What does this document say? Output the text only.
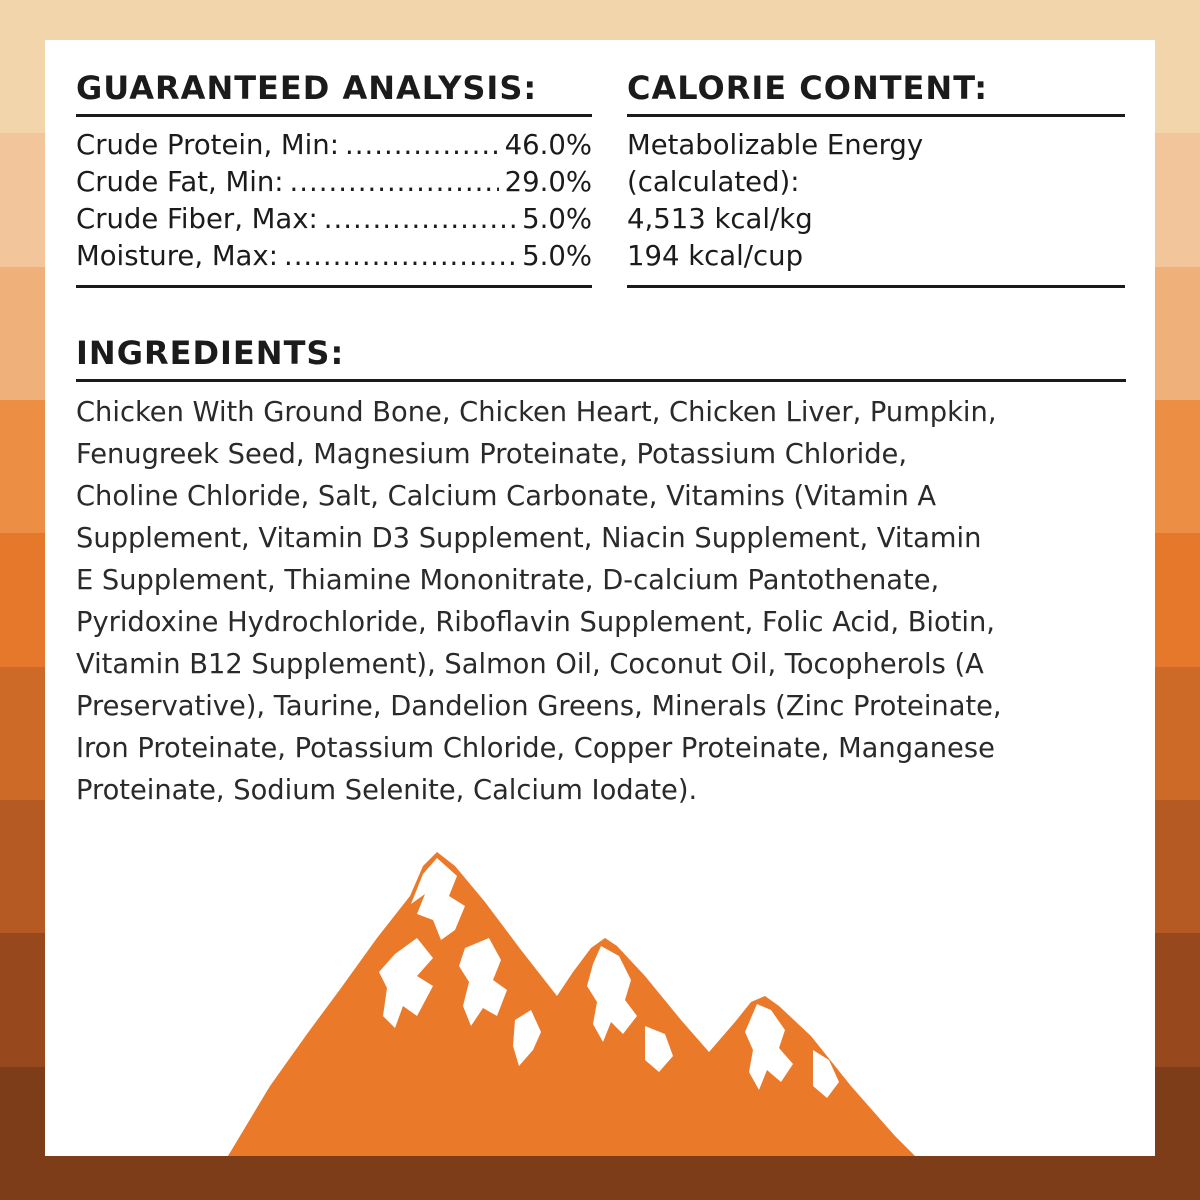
GUARANTEED ANALYSIS:
Crude Protein, Min: .....	46.0%
Crude Fat, Min: .....	29.0%
Crude Fiber, Max: .....	5.0%
Moisture, Max: .....	5.0%
CALORIE CONTENT:
Metabolizable Energy
(calculated):
4,513 kcal/kg
194 kcal/cup
INGREDIENTS:
Chicken With Ground Bone, Chicken Heart, Chicken Liver, Pumpkin,
Fenugreek Seed, Magnesium Proteinate, Potassium Chloride,
Choline Chloride, Salt, Calcium Carbonate, Vitamins (Vitamin A
Supplement, Vitamin D3 Supplement, Niacin Supplement, Vitamin
E Supplement, Thiamine Mononitrate, D-calcium Pantothenate,
Pyridoxine Hydrochloride, Riboflavin Supplement, Folic Acid, Biotin,
Vitamin B12 Supplement), Salmon Oil, Coconut Oil, Tocopherols (A
Preservative), Taurine, Dandelion Greens, Minerals (Zinc Proteinate,
Iron Proteinate, Potassium Chloride, Copper Proteinate, Manganese
Proteinate, Sodium Selenite, Calcium Iodate).
